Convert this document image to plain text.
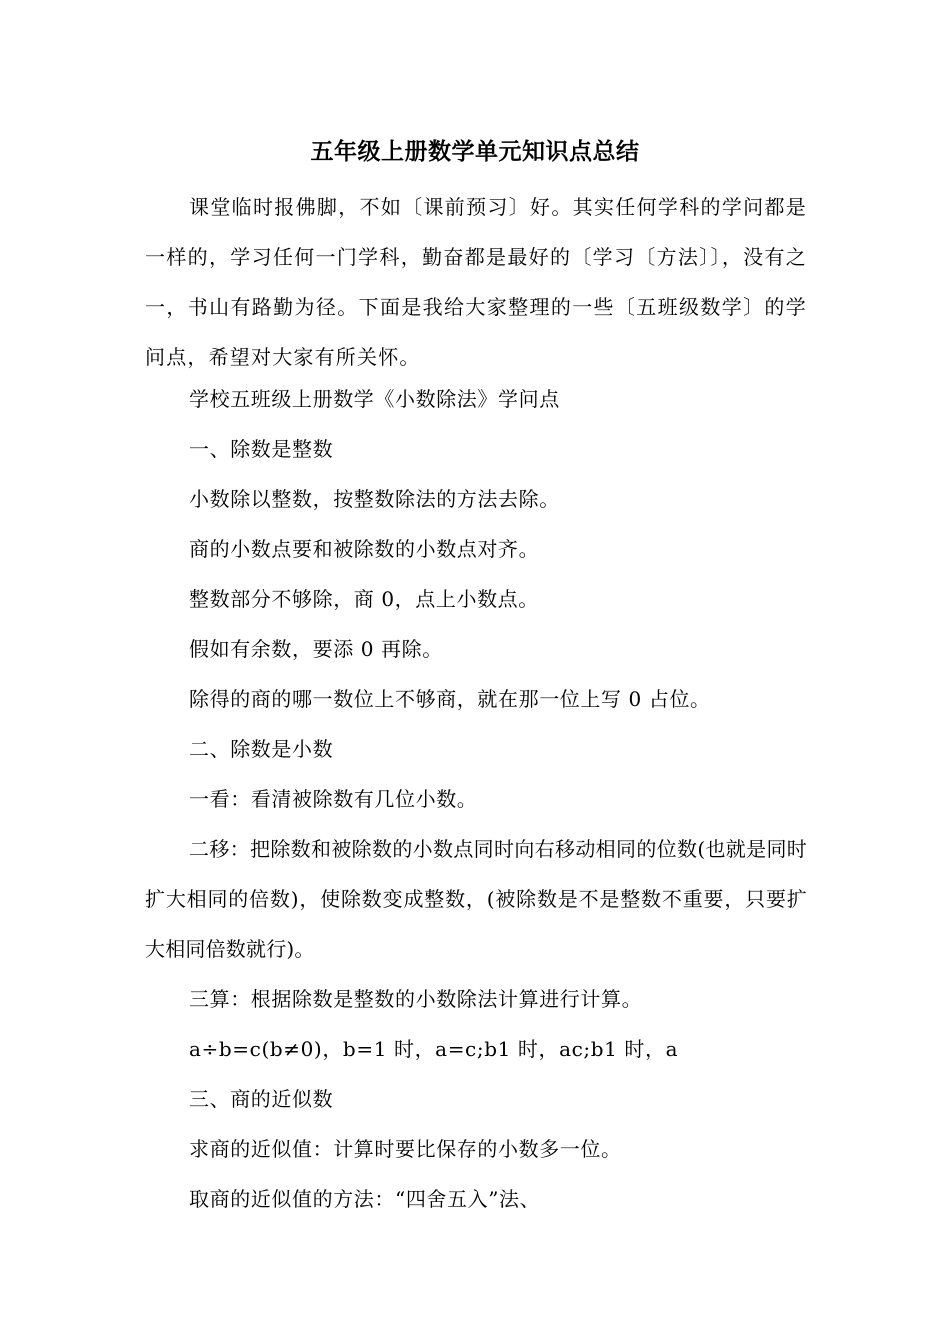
五年级上册数学单元知识点总结
课堂临时报佛脚，不如〔课前预习〕好。其实任何学科的学问都是一样的，学习任何一门学科，勤奋都是最好的〔学习〔方法〕〕，没有之一，书山有路勤为径。下面是我给大家整理的一些〔五班级数学〕的学问点，希望对大家有所关怀。
学校五班级上册数学《小数除法》学问点
一、除数是整数
小数除以整数，按整数除法的方法去除。
商的小数点要和被除数的小数点对齐。
整数部分不够除，商 0，点上小数点。
假如有余数，要添 0 再除。
除得的商的哪一数位上不够商，就在那一位上写 0 占位。
二、除数是小数
一看：看清被除数有几位小数。
二移：把除数和被除数的小数点同时向右移动相同的位数(也就是同时扩大相同的倍数)，使除数变成整数，(被除数是不是整数不重要，只要扩大相同倍数就行)。
三算：根据除数是整数的小数除法计算进行计算。
a÷b=c(b≠0)，b=1 时，a=c;b1 时，ac;b1 时，a
三、商的近似数
求商的近似值：计算时要比保存的小数多一位。
取商的近似值的方法：“四舍五入”法、
